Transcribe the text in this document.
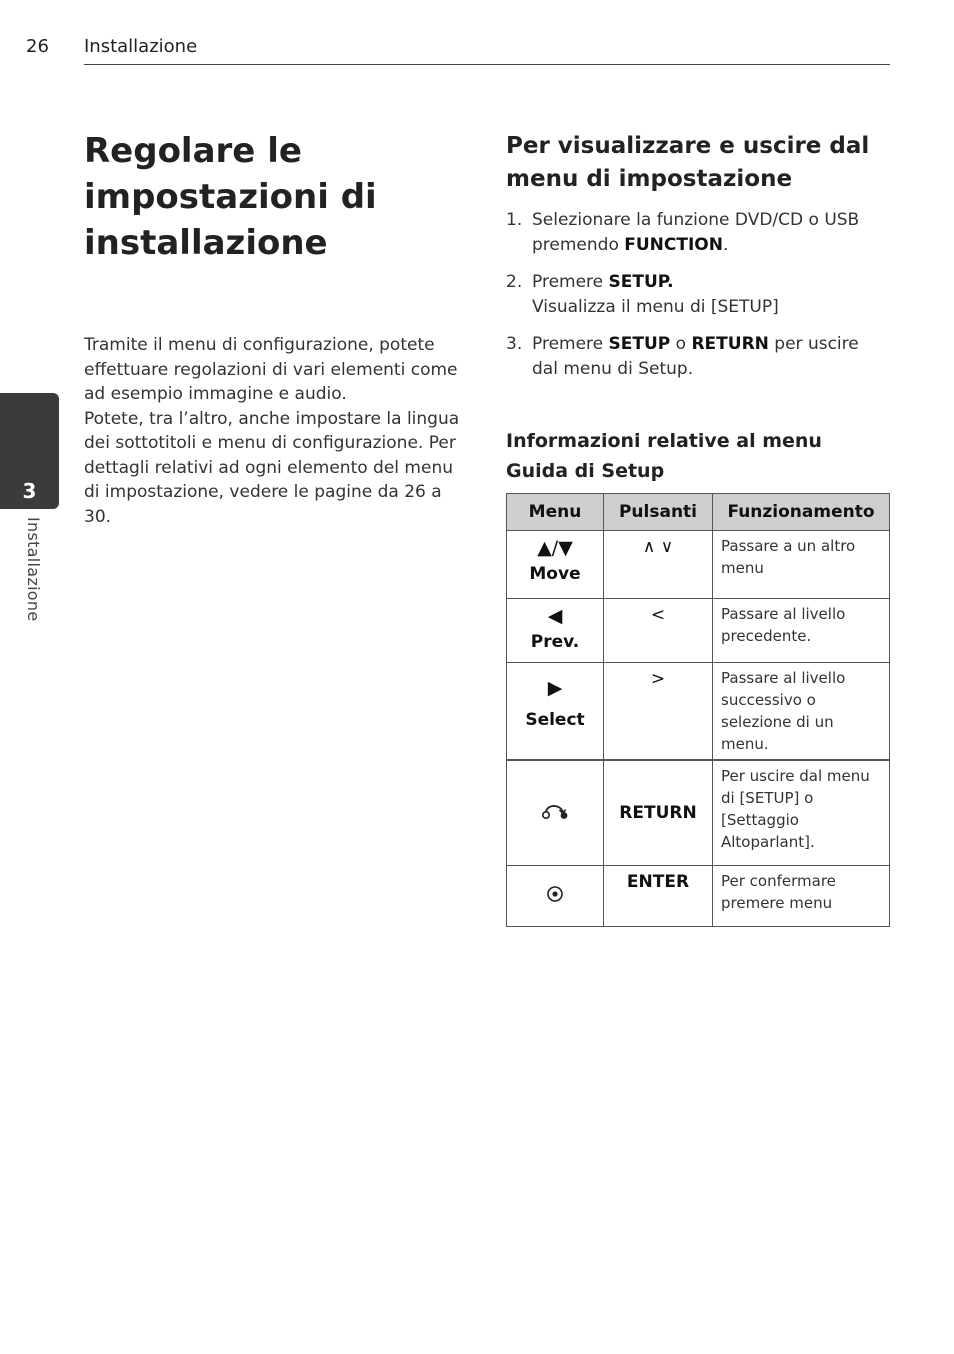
26 Installazione
3
Installazione
Regolare le impostazioni di installazione

Tramite il menu di configurazione, potete effettuare regolazioni di vari elementi come ad esempio immagine e audio.

Potete, tra l’altro, anche impostare la lingua dei sottotitoli e menu di configurazione. Per dettagli relativi ad ogni elemento del menu di impostazione, vedere le pagine da 26 a 30.

Per visualizzare e uscire dal menu di impostazione
1. Selezionare la funzione DVD/CD o USB premendo FUNCTION.
2. Premere SETUP.
Visualizza il menu di [SETUP]
3. Premere SETUP o RETURN per uscire dal menu di Setup.
Informazioni relative al menu Guida di Setup
Menu	Pulsanti	Funzionamento

▲/▼
Move	∧ ∨	Passare a un altro menu

◀
Prev.	<	Passare al livello precedente.

▶
Select	>	Passare al livello successivo o selezione di un menu.
	RETURN	Per uscire dal menu di [SETUP] o [Settaggio Altoparlant].
	ENTER	Per confermare premere menu
